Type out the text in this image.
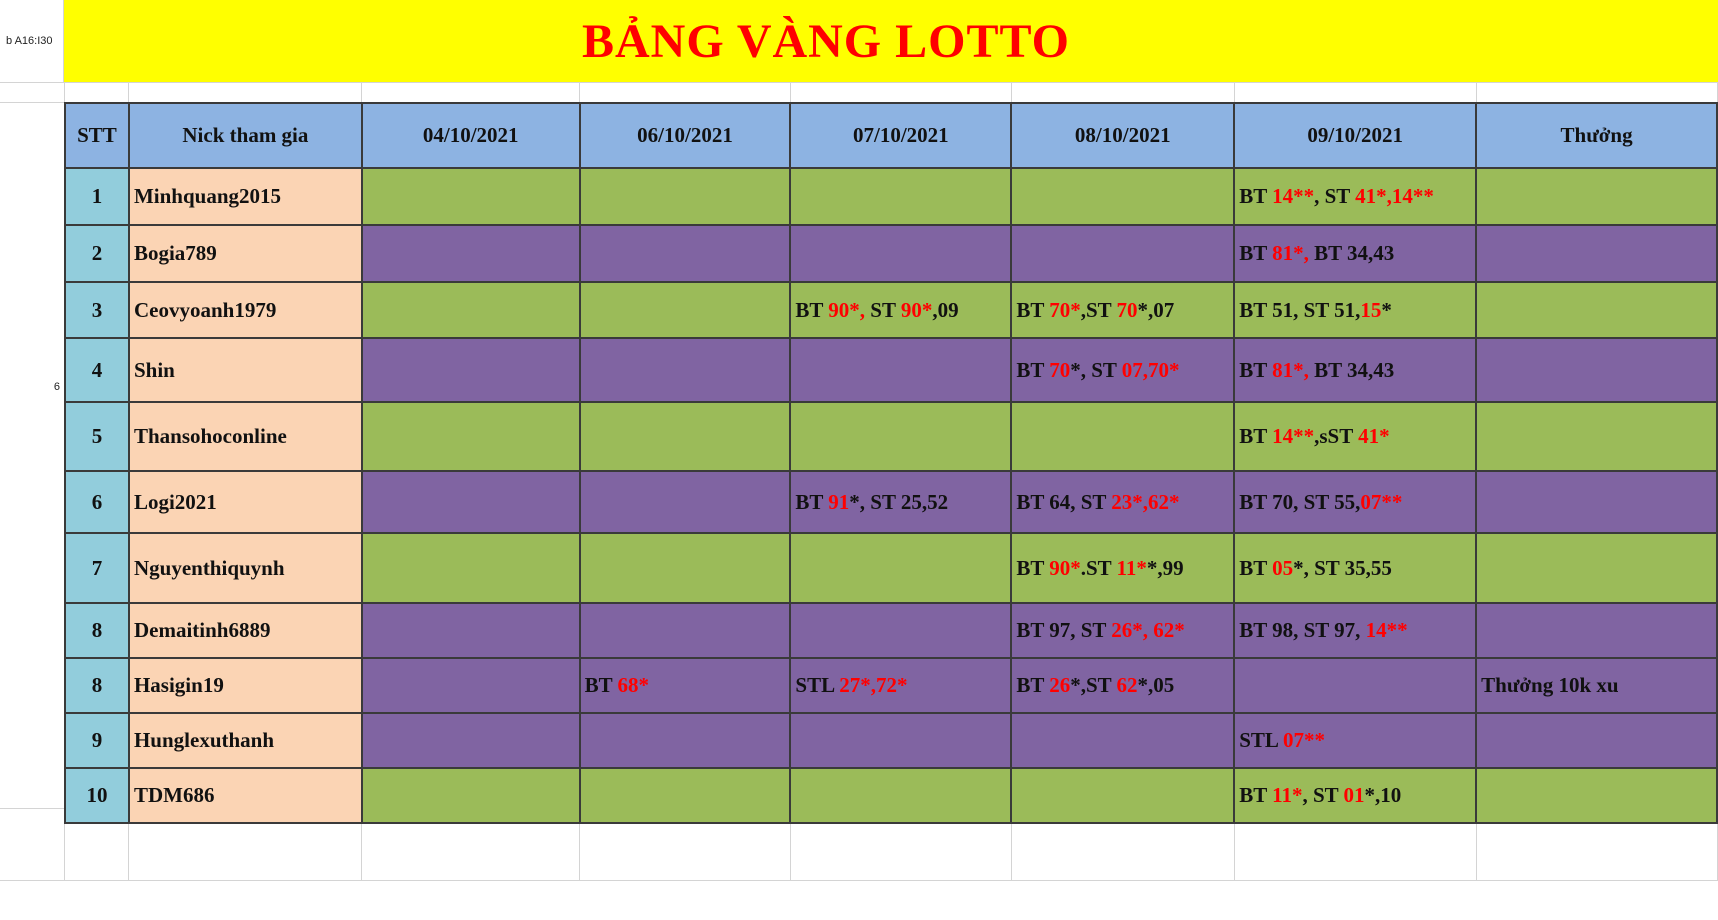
b A16:I30
6
BẢNG VÀNG LOTTO
STT	Nick tham gia	04/10/2021	06/10/2021	07/10/2021	08/10/2021	09/10/2021	Thưởng
1	Minhquang2015					BT 14**, ST 41*,14**	
2	Bogia789					BT 81*, BT 34,43	
3	Ceovyoanh1979			BT 90*, ST 90*,09	BT 70*,ST 70*,07	BT 51, ST 51,15*	
4	Shin				BT 70*, ST 07,70*	BT 81*, BT 34,43	
5	Thansohoconline					BT 14**,sST 41*	
6	Logi2021			BT 91*, ST 25,52	BT 64, ST 23*,62*	BT 70, ST 55,07**	
7	Nguyenthiquynh				BT 90*.ST 11**,99	BT 05*, ST 35,55	
8	Demaitinh6889				BT 97, ST 26*, 62*	BT 98, ST 97, 14**	
8	Hasigin19		BT 68*	STL 27*,72*	BT 26*,ST 62*,05		Thưởng 10k xu
9	Hunglexuthanh					STL 07**	
10	TDM686					BT 11*, ST 01*,10	
